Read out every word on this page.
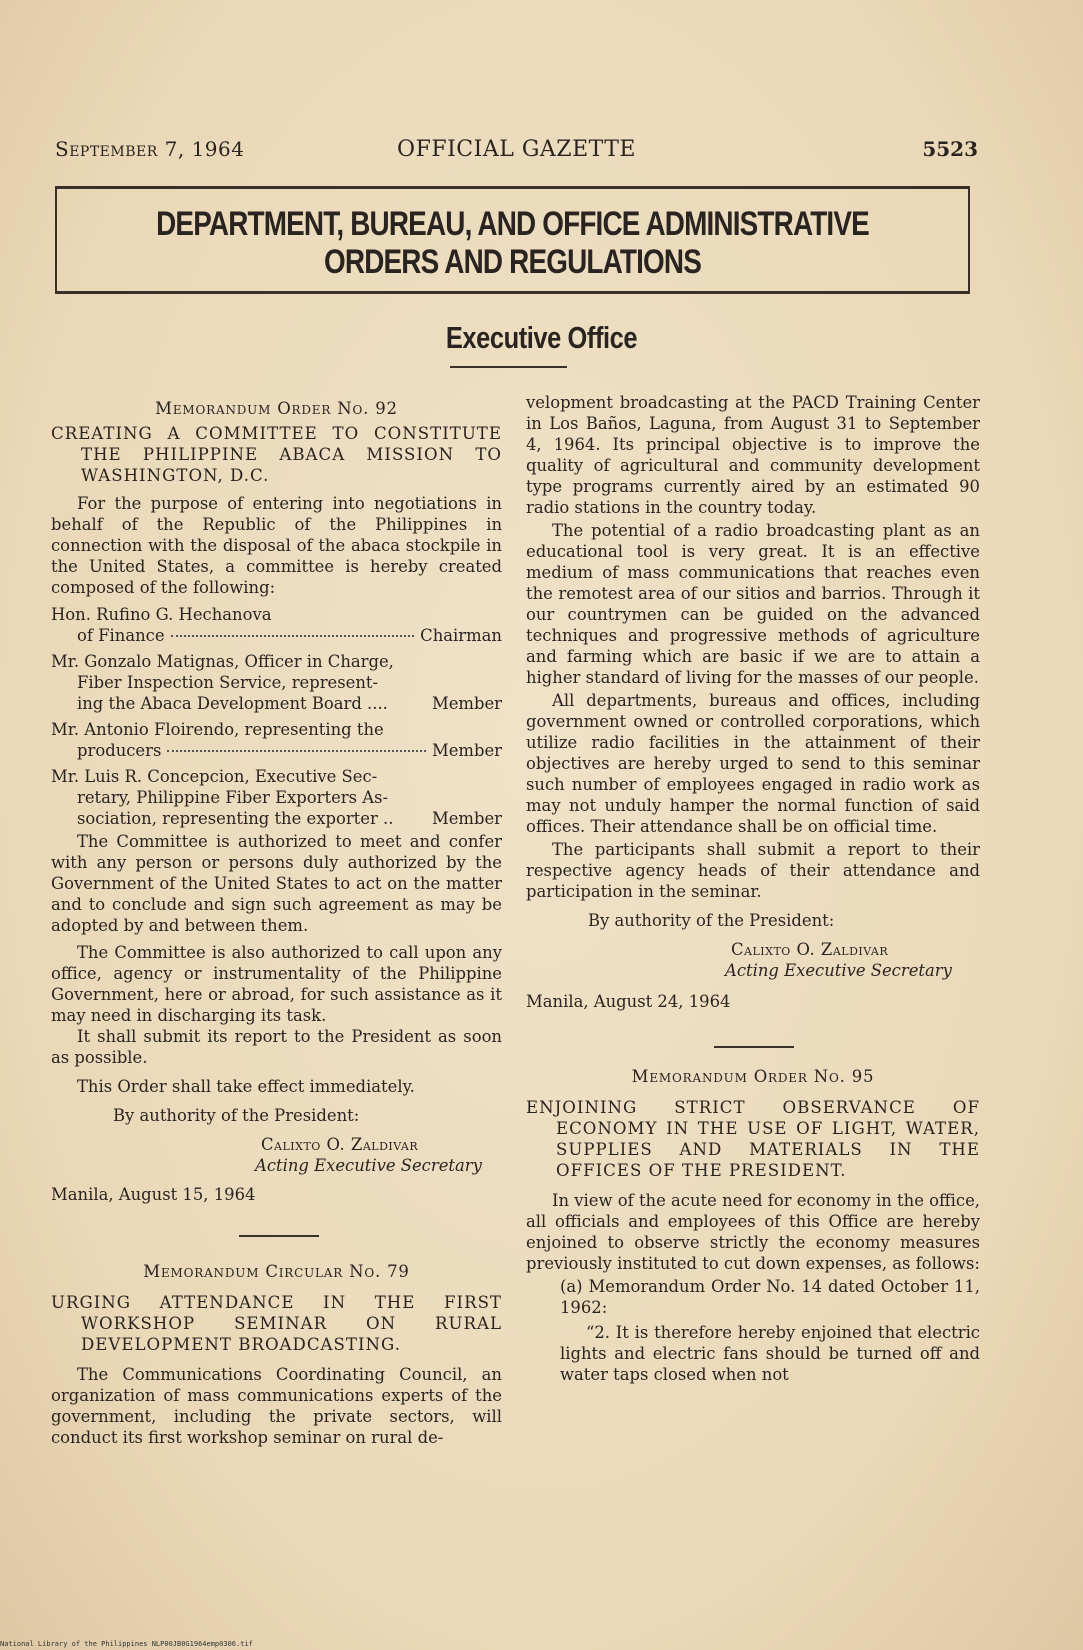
September 7, 1964	OFFICIAL GAZETTE	5523
DEPARTMENT, BUREAU, AND OFFICE ADMINISTRATIVE
ORDERS AND REGULATIONS
Executive Office
Memorandum Order No. 92
CREATING A COMMITTEE TO CONSTITUTE THE PHILIPPINE ABACA MISSION TO WASHINGTON, D.C.

For the purpose of entering into negotiations in behalf of the Republic of the Philippines in connection with the disposal of the abaca stockpile in the United States, a committee is hereby created composed of the following:

Hon. Rufino G. Hechanova
of Finance	Chairman
Mr. Gonzalo Matignas, Officer in Charge,
Fiber Inspection Service, represent-
ing the Abaca Development Board ....	Member
Mr. Antonio Floirendo, representing the
producers	Member
Mr. Luis R. Concepcion, Executive Sec-
retary, Philippine Fiber Exporters As-
sociation, representing the exporter .. Member

The Committee is authorized to meet and confer with any person or persons duly authorized by the Government of the United States to act on the matter and to conclude and sign such agreement as may be adopted by and between them.

The Committee is also authorized to call upon any office, agency or instrumentality of the Philippine Government, here or abroad, for such assistance as it may need in discharging its task.

It shall submit its report to the President as soon as possible.

This Order shall take effect immediately.

By authority of the President:

Calixto O. Zaldivar
Acting Executive Secretary
Manila, August 15, 1964
Memorandum Circular No. 79
URGING ATTENDANCE IN THE FIRST WORKSHOP SEMINAR ON RURAL DEVELOPMENT BROADCASTING.

The Communications Coordinating Council, an organization of mass communications experts of the government, including the private sectors, will conduct its first workshop seminar on rural de-

velopment broadcasting at the PACD Training Center in Los Baños, Laguna, from August 31 to September 4, 1964. Its principal objective is to improve the quality of agricultural and community development type programs currently aired by an estimated 90 radio stations in the country today.

The potential of a radio broadcasting plant as an educational tool is very great. It is an effective medium of mass communications that reaches even the remotest area of our sitios and barrios. Through it our countrymen can be guided on the advanced techniques and progressive methods of agriculture and farming which are basic if we are to attain a higher standard of living for the masses of our people.

All departments, bureaus and offices, including government owned or controlled corporations, which utilize radio facilities in the attainment of their objectives are hereby urged to send to this seminar such number of employees engaged in radio work as may not unduly hamper the normal function of said offices. Their attendance shall be on official time.

The participants shall submit a report to their respective agency heads of their attendance and participation in the seminar.

By authority of the President:

Calixto O. Zaldivar
Acting Executive Secretary
Manila, August 24, 1964
Memorandum Order No. 95
ENJOINING STRICT OBSERVANCE OF ECONOMY IN THE USE OF LIGHT, WATER, SUPPLIES AND MATERIALS IN THE OFFICES OF THE PRESIDENT.

In view of the acute need for economy in the office, all officials and employees of this Office are hereby enjoined to observe strictly the economy measures previously instituted to cut down expenses, as follows:

(a) Memorandum Order No. 14 dated October 11, 1962:

“2. It is therefore hereby enjoined that electric lights and electric fans should be turned off and water taps closed when not

National Library of the Philippines NLP00JB0G1964emp0306.tif
